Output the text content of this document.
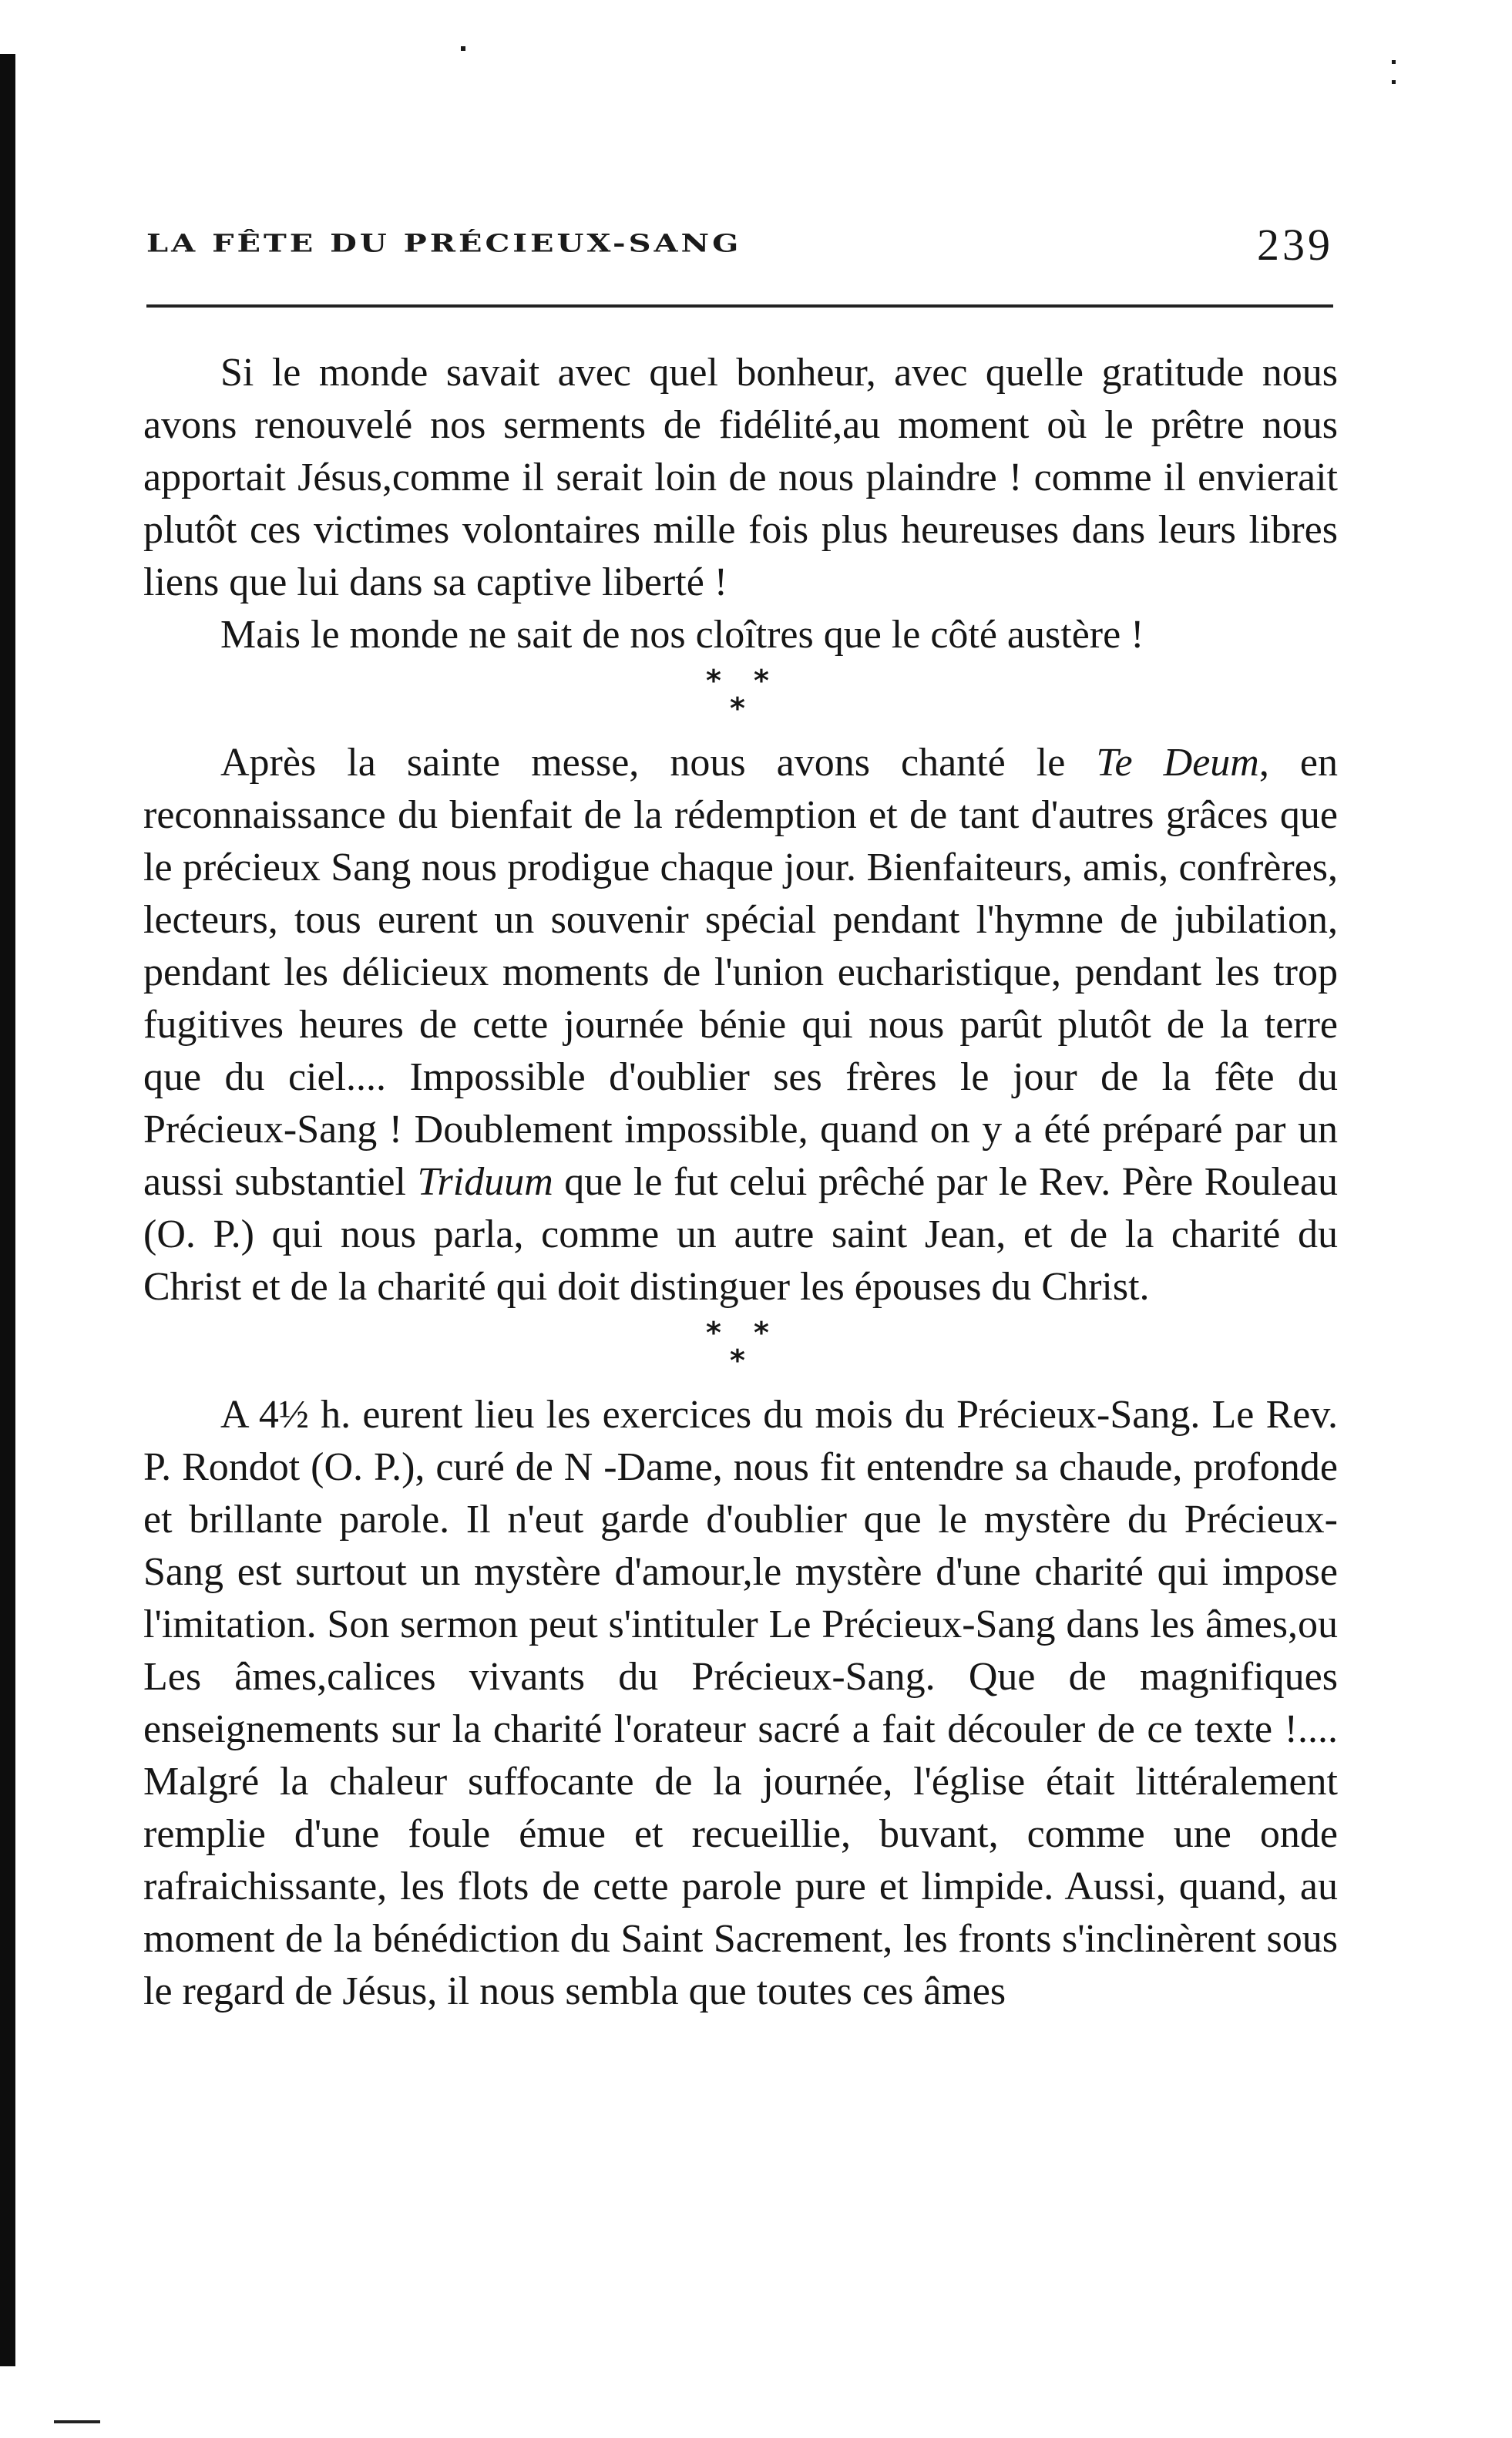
LA FÊTE DU PRÉCIEUX-SANG	239

Si le monde savait avec quel bonheur, avec quelle gratitude nous avons renouvelé nos serments de fidélité,au moment où le prêtre nous apportait Jésus,comme il serait loin de nous plaindre ! comme il envierait plutôt ces victimes volontaires mille fois plus heureuses dans leurs libres liens que lui dans sa captive liberté !

Mais le monde ne sait de nos cloîtres que le côté austère !

* *
*

Après la sainte messe, nous avons chanté le Te Deum, en reconnaissance du bienfait de la rédemption et de tant d'autres grâces que le précieux Sang nous prodigue chaque jour. Bienfaiteurs, amis, confrères, lecteurs, tous eurent un souvenir spécial pendant l'hymne de jubilation, pendant les délicieux moments de l'union eucharistique, pendant les trop fugitives heures de cette journée bénie qui nous parût plutôt de la terre que du ciel.... Impossible d'oublier ses frères le jour de la fête du Précieux-Sang ! Doublement impossible, quand on y a été préparé par un aussi substantiel Triduum que le fut celui prêché par le Rev. Père Rouleau (O. P.) qui nous parla, comme un autre saint Jean, et de la charité du Christ et de la charité qui doit distinguer les épouses du Christ.

* *
*

A 4½ h. eurent lieu les exercices du mois du Précieux-Sang. Le Rev. P. Rondot (O. P.), curé de N -Dame, nous fit entendre sa chaude, profonde et brillante parole. Il n'eut garde d'oublier que le mystère du Précieux-Sang est surtout un mystère d'amour,le mystère d'une charité qui impose l'imitation. Son sermon peut s'intituler Le Précieux-Sang dans les âmes,ou Les âmes,calices vivants du Précieux-Sang. Que de magnifiques enseignements sur la charité l'orateur sacré a fait découler de ce texte !.... Malgré la chaleur suffocante de la journée, l'église était littéralement remplie d'une foule émue et recueillie, buvant, comme une onde rafraichissante, les flots de cette parole pure et limpide. Aussi, quand, au moment de la bénédiction du Saint Sacrement, les fronts s'inclinèrent sous le regard de Jésus, il nous sembla que toutes ces âmes
